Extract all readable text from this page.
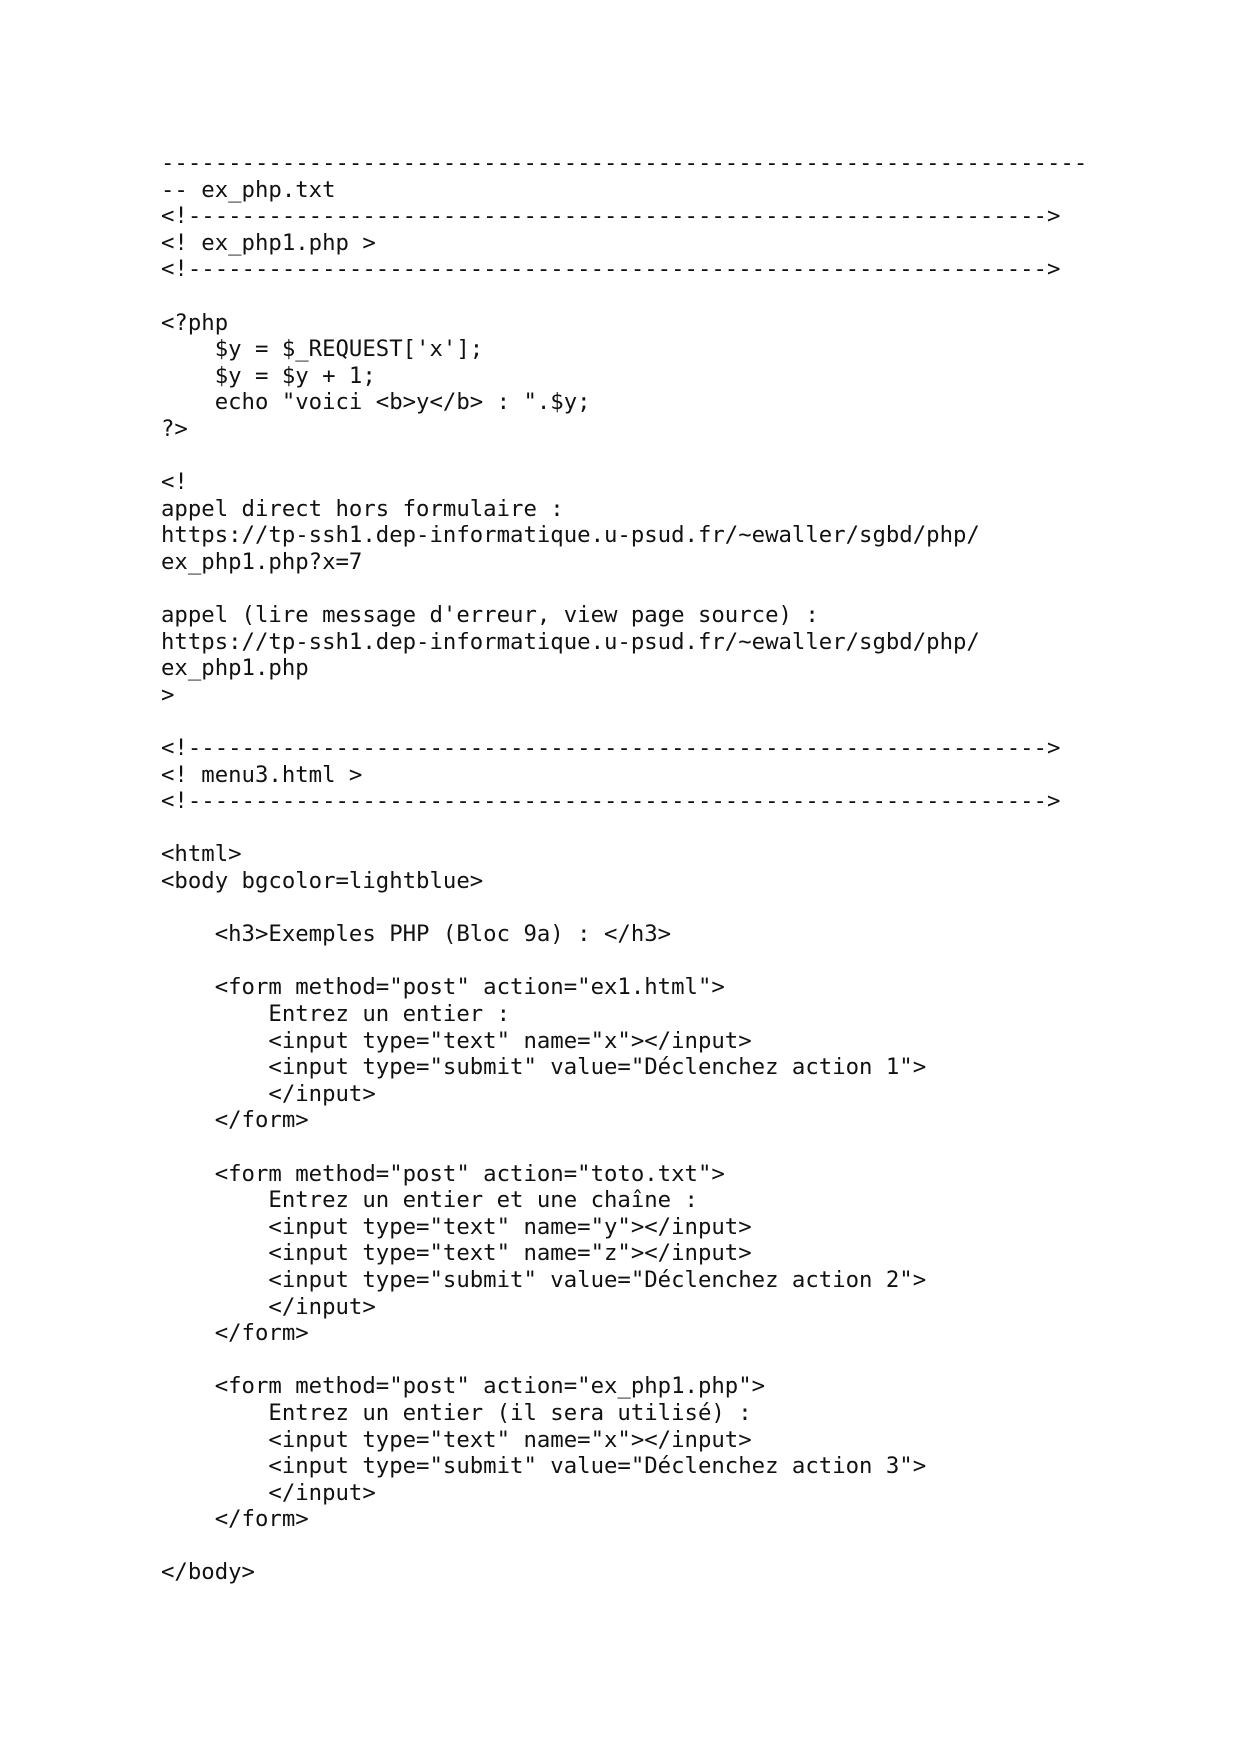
---------------------------------------------------------------------
-- ex_php.txt
<!---------------------------------------------------------------->
<! ex_php1.php >
<!---------------------------------------------------------------->
<?php
$y = $_REQUEST['x'];
$y = $y + 1;
echo "voici <b>y</b> : ".$y;
?>
<!
appel direct hors formulaire :
https://tp-ssh1.dep-informatique.u-psud.fr/~ewaller/sgbd/php/
ex_php1.php?x=7
appel (lire message d'erreur, view page source) :
https://tp-ssh1.dep-informatique.u-psud.fr/~ewaller/sgbd/php/
ex_php1.php
>
<!---------------------------------------------------------------->
<! menu3.html >
<!---------------------------------------------------------------->
<html>
<body bgcolor=lightblue>
<h3>Exemples PHP (Bloc 9a) : </h3>
<form method="post" action="ex1.html">
Entrez un entier :
<input type="text" name="x"></input>
<input type="submit" value="Déclenchez action 1">
</input>
</form>
<form method="post" action="toto.txt">
Entrez un entier et une chaîne :
<input type="text" name="y"></input>
<input type="text" name="z"></input>
<input type="submit" value="Déclenchez action 2">
</input>
</form>
<form method="post" action="ex_php1.php">
Entrez un entier (il sera utilisé) :
<input type="text" name="x"></input>
<input type="submit" value="Déclenchez action 3">
</input>
</form>
</body>
